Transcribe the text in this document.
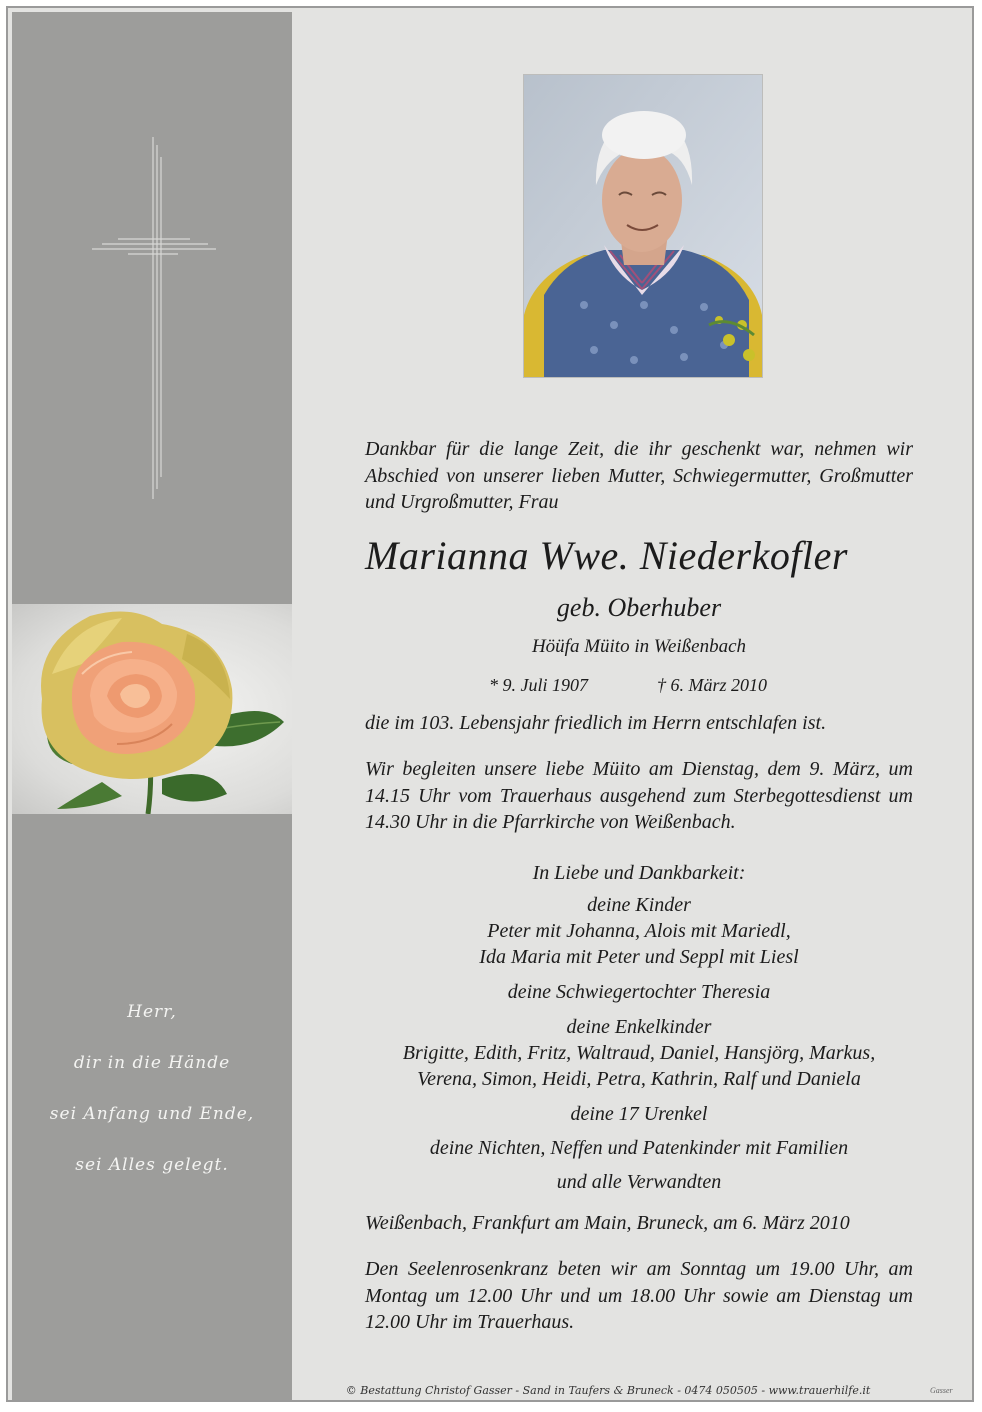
Herr,
dir in die Hände
sei Anfang und Ende,
sei Alles gelegt.
Dankbar für die lange Zeit, die ihr geschenkt war, nehmen wir Abschied von unserer lieben Mutter, Schwiegermutter, Großmutter und Urgroßmutter, Frau
Marianna Wwe. Niederkofler
geb. Oberhuber
Höüfa Müito in Weißenbach
* 9. Juli 1907	† 6. März 2010
die im 103. Lebensjahr friedlich im Herrn entschlafen ist.
Wir begleiten unsere liebe Müito am Dienstag, dem 9. März, um 14.15 Uhr vom Trauerhaus ausgehend zum Sterbegottesdienst um 14.30 Uhr in die Pfarrkirche von Weißenbach.
In Liebe und Dankbarkeit:
deine Kinder
Peter mit Johanna, Alois mit Mariedl,
Ida Maria mit Peter und Seppl mit Liesl
deine Schwiegertochter Theresia
deine Enkelkinder
Brigitte, Edith, Fritz, Waltraud, Daniel, Hansjörg, Markus,
Verena, Simon, Heidi, Petra, Kathrin, Ralf und Daniela
deine 17 Urenkel
deine Nichten, Neffen und Patenkinder mit Familien
und alle Verwandten
Weißenbach, Frankfurt am Main, Bruneck, am 6. März 2010
Den Seelenrosenkranz beten wir am Sonntag um 19.00 Uhr, am Montag um 12.00 Uhr und um 18.00 Uhr sowie am Dienstag um 12.00 Uhr im Trauerhaus.
© Bestattung Christof Gasser - Sand in Taufers & Bruneck - 0474 050505 - www.trauerhilfe.it	Gasser
